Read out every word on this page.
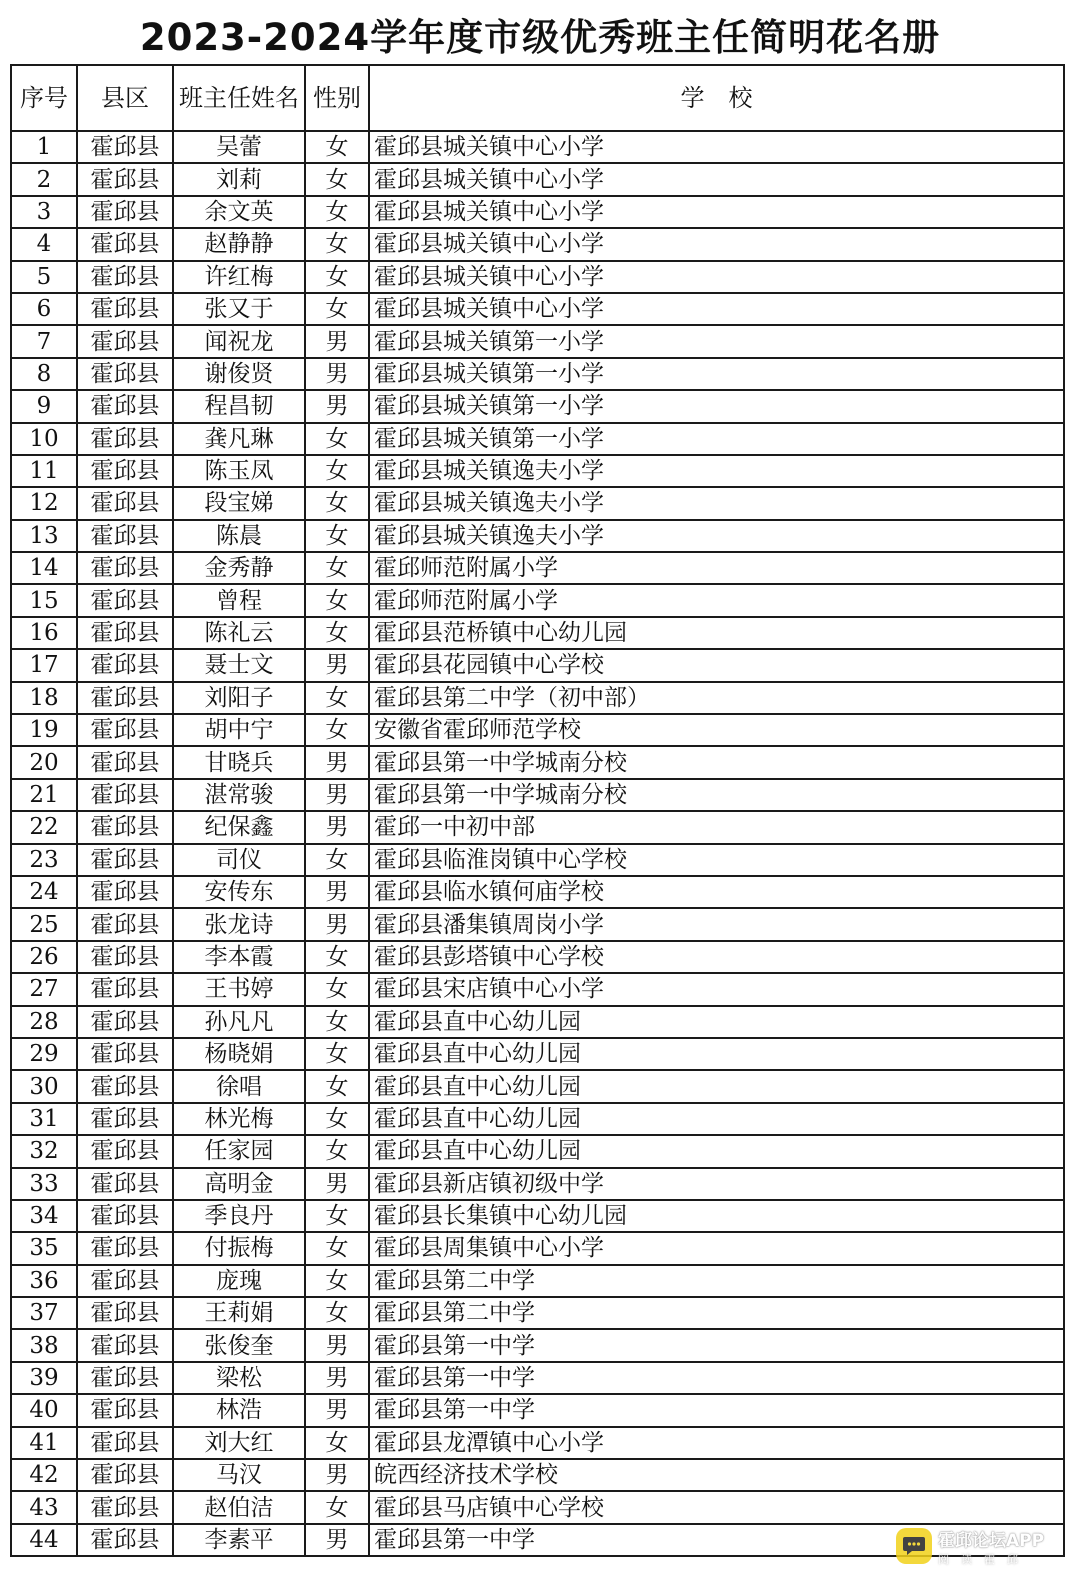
2023-2024学年度市级优秀班主任简明花名册
序号	县区	班主任姓名	性别	学　校
1	霍邱县	吴蕾	女	霍邱县城关镇中心小学
2	霍邱县	刘莉	女	霍邱县城关镇中心小学
3	霍邱县	余文英	女	霍邱县城关镇中心小学
4	霍邱县	赵静静	女	霍邱县城关镇中心小学
5	霍邱县	许红梅	女	霍邱县城关镇中心小学
6	霍邱县	张又于	女	霍邱县城关镇中心小学
7	霍邱县	闻祝龙	男	霍邱县城关镇第一小学
8	霍邱县	谢俊贤	男	霍邱县城关镇第一小学
9	霍邱县	程昌韧	男	霍邱县城关镇第一小学
10	霍邱县	龚凡琳	女	霍邱县城关镇第一小学
11	霍邱县	陈玉凤	女	霍邱县城关镇逸夫小学
12	霍邱县	段宝娣	女	霍邱县城关镇逸夫小学
13	霍邱县	陈晨	女	霍邱县城关镇逸夫小学
14	霍邱县	金秀静	女	霍邱师范附属小学
15	霍邱县	曾程	女	霍邱师范附属小学
16	霍邱县	陈礼云	女	霍邱县范桥镇中心幼儿园
17	霍邱县	聂士文	男	霍邱县花园镇中心学校
18	霍邱县	刘阳子	女	霍邱县第二中学（初中部）
19	霍邱县	胡中宁	女	安徽省霍邱师范学校
20	霍邱县	甘晓兵	男	霍邱县第一中学城南分校
21	霍邱县	湛常骏	男	霍邱县第一中学城南分校
22	霍邱县	纪保鑫	男	霍邱一中初中部
23	霍邱县	司仪	女	霍邱县临淮岗镇中心学校
24	霍邱县	安传东	男	霍邱县临水镇何庙学校
25	霍邱县	张龙诗	男	霍邱县潘集镇周岗小学
26	霍邱县	李本霞	女	霍邱县彭塔镇中心学校
27	霍邱县	王书婷	女	霍邱县宋店镇中心小学
28	霍邱县	孙凡凡	女	霍邱县直中心幼儿园
29	霍邱县	杨晓娟	女	霍邱县直中心幼儿园
30	霍邱县	徐唱	女	霍邱县直中心幼儿园
31	霍邱县	林光梅	女	霍邱县直中心幼儿园
32	霍邱县	任家园	女	霍邱县直中心幼儿园
33	霍邱县	高明金	男	霍邱县新店镇初级中学
34	霍邱县	季良丹	女	霍邱县长集镇中心幼儿园
35	霍邱县	付振梅	女	霍邱县周集镇中心小学
36	霍邱县	庞瑰	女	霍邱县第二中学
37	霍邱县	王莉娟	女	霍邱县第二中学
38	霍邱县	张俊奎	男	霍邱县第一中学
39	霍邱县	梁松	男	霍邱县第一中学
40	霍邱县	林浩	男	霍邱县第一中学
41	霍邱县	刘大红	女	霍邱县龙潭镇中心小学
42	霍邱县	马汉	男	皖西经济技术学校
43	霍邱县	赵伯洁	女	霍邱县马店镇中心学校
44	霍邱县	李素平	男	霍邱县第一中学	霍邱论坛APP
阅读霍邱
